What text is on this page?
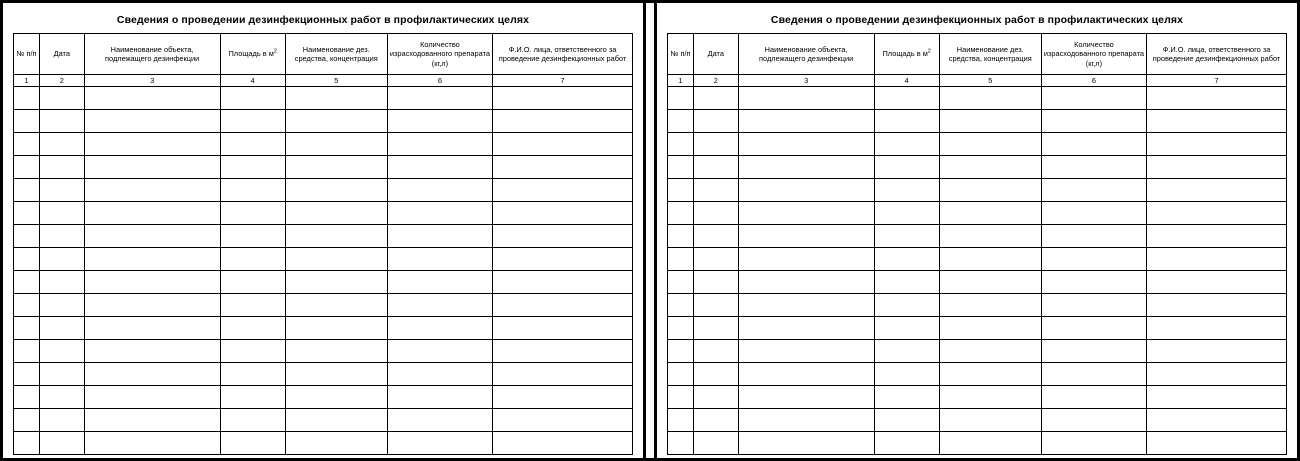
Сведения о проведении дезинфекционных работ в профилактических целях
№ п/п	Дата	Наименование объекта, подлежащего дезинфекции	Площадь в $м^2$	Наименование дез. средства, концентрация	Количество израсходованного препарата (кг,л)	Ф.И.О. лица, ответственного за проведение дезинфекционных работ
1	2	3	4	5	6	7

Сведения о проведении дезинфекционных работ в профилактических целях
№ п/п	Дата	Наименование объекта, подлежащего дезинфекции	Площадь в $м^2$	Наименование дез. средства, концентрация	Количество израсходованного препарата (кг,л)	Ф.И.О. лица, ответственного за проведение дезинфекционных работ
1	2	3	4	5	6	7
